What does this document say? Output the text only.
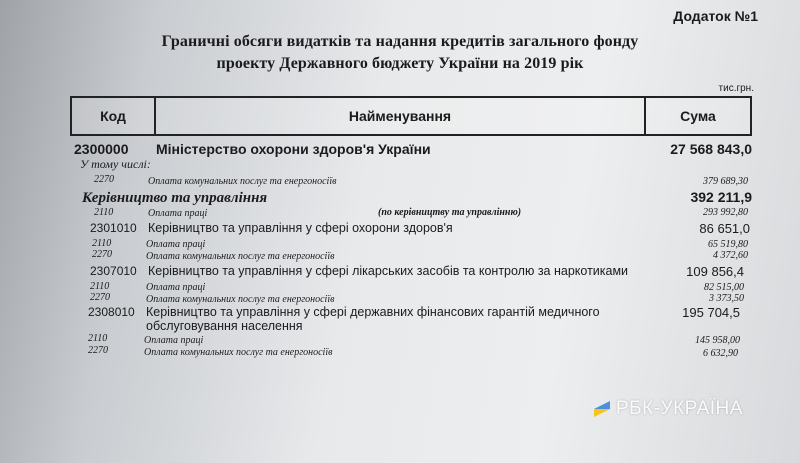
Додаток №1
Граничні обсяги видатків та надання кредитів загального фонду
проекту Державного бюджету України на 2019 рік
тис.грн.
Код	Найменування	Сума
2300000 Міністерство охорони здоров'я України	27 568 843,0
У тому числі:
2270	Оплата комунальних послуг та енергоносіїв	379 689,30
Керівництво та управління	392 211,9
2110	Оплата праці	(по керівництву та управлінню)	293 992,80
2301010 Керівництво та управління у сфері охорони здоров'я	86 651,0
2110	Оплата праці	65 519,80
2270	Оплата комунальних послуг та енергоносіїв	4 372,60
2307010 Керівництво та управління у сфері лікарських засобів та контролю за наркотиками	109 856,4
2110	Оплата праці	82 515,00
2270	Оплата комунальних послуг та енергоносіїв	3 373,50
2308010 Керівництво та управління у сфері державних фінансових гарантій медичного
обслуговування населення
195 704,5
2110	Оплата праці	145 958,00
2270	Оплата комунальних послуг та енергоносіїв	6 632,90
РБК-УКРАЇНА
